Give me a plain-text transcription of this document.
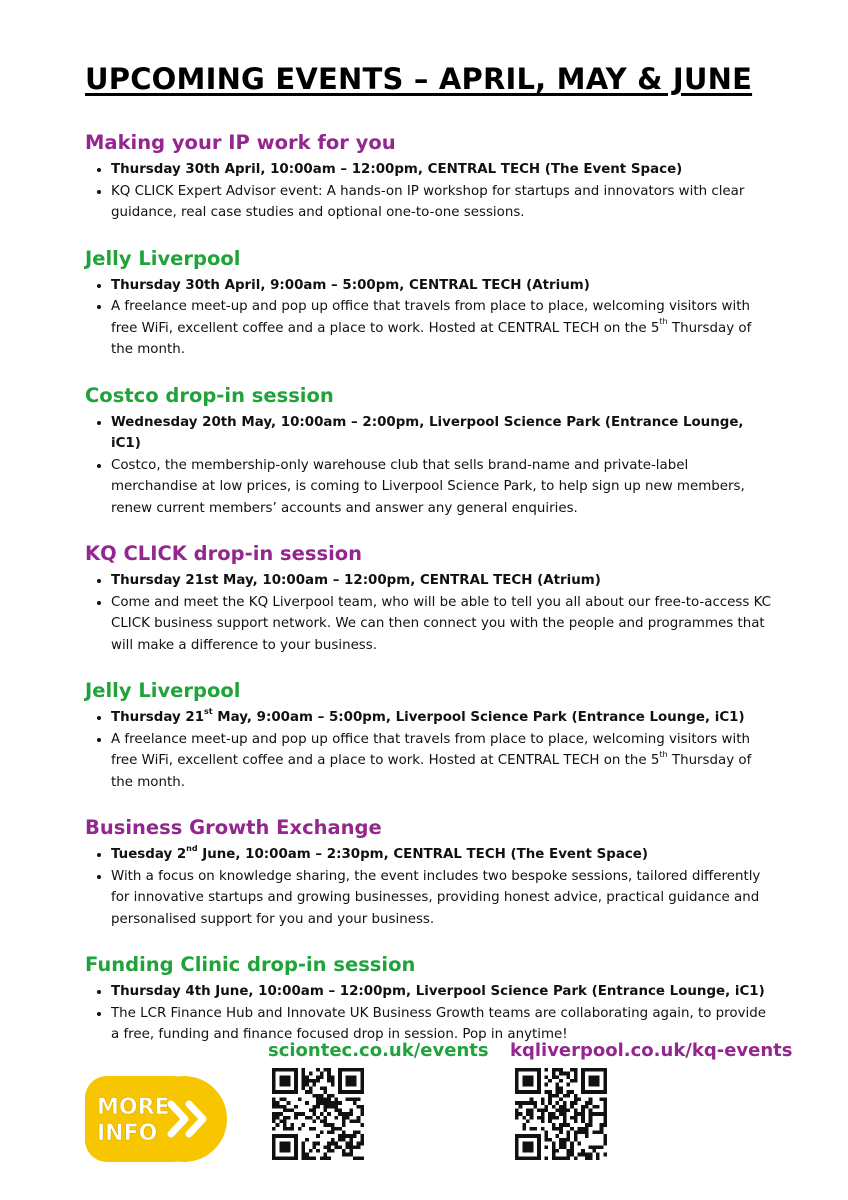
UPCOMING EVENTS – APRIL, MAY & JUNE
Making your IP work for you
• Thursday 30th April, 10:00am – 12:00pm, CENTRAL TECH (The Event Space)
• KQ CLICK Expert Advisor event: A hands-on IP workshop for startups and innovators with clear guidance, real case studies and optional one-to-one sessions.
Jelly Liverpool
• Thursday 30th April, 9:00am – 5:00pm, CENTRAL TECH (Atrium)
• A freelance meet-up and pop up office that travels from place to place, welcoming visitors with free WiFi, excellent coffee and a place to work. Hosted at CENTRAL TECH on the 5th Thursday of the month.
Costco drop-in session
• Wednesday 20th May, 10:00am – 2:00pm, Liverpool Science Park (Entrance Lounge, iC1)
• Costco, the membership-only warehouse club that sells brand-name and private-label merchandise at low prices, is coming to Liverpool Science Park, to help sign up new members, renew current members’ accounts and answer any general enquiries.
KQ CLICK drop-in session
• Thursday 21st May, 10:00am – 12:00pm, CENTRAL TECH (Atrium)
• Come and meet the KQ Liverpool team, who will be able to tell you all about our free-to-access KC CLICK business support network. We can then connect you with the people and programmes that will make a difference to your business.
Jelly Liverpool
• Thursday 21st May, 9:00am – 5:00pm, Liverpool Science Park (Entrance Lounge, iC1)
• A freelance meet-up and pop up office that travels from place to place, welcoming visitors with free WiFi, excellent coffee and a place to work. Hosted at CENTRAL TECH on the 5th Thursday of the month.
Business Growth Exchange
• Tuesday 2nd June, 10:00am – 2:30pm, CENTRAL TECH (The Event Space)
• With a focus on knowledge sharing, the event includes two bespoke sessions, tailored differently for innovative startups and growing businesses, providing honest advice, practical guidance and personalised support for you and your business.
Funding Clinic drop-in session
• Thursday 4th June, 10:00am – 12:00pm, Liverpool Science Park (Entrance Lounge, iC1)
• The LCR Finance Hub and Innovate UK Business Growth teams are collaborating again, to provide a free, funding and finance focused drop in session. Pop in anytime!
MORE
INFO
sciontec.co.uk/events kqliverpool.co.uk/kq-events
